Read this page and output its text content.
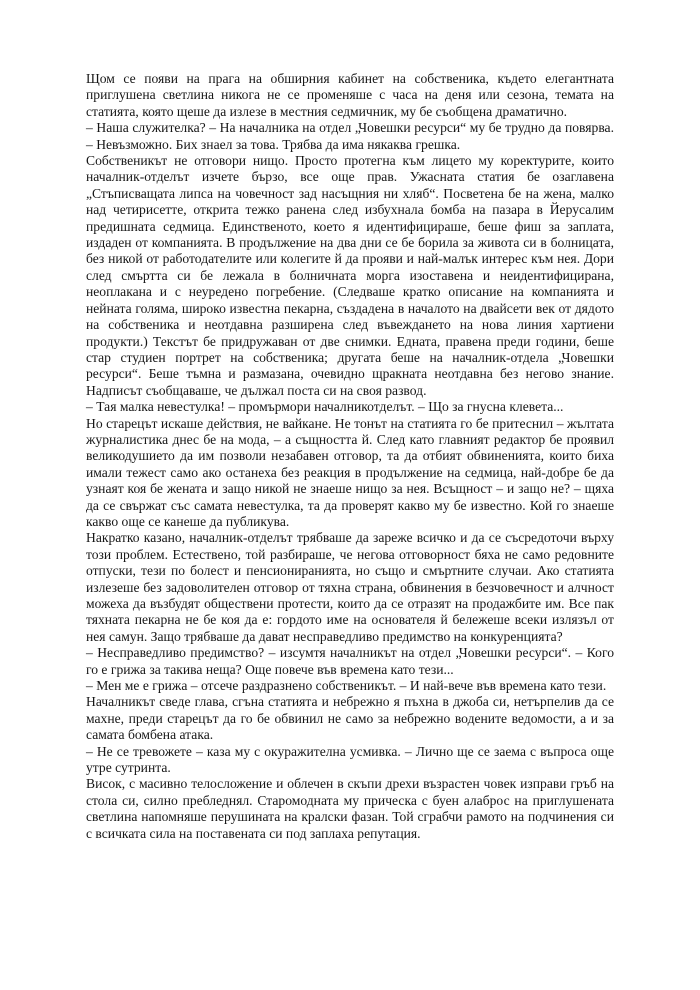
Щом се появи на прага на обширния кабинет на собственика, където елегантната приглушена светлина никога не се променяше с часа на деня или сезона, темата на статията, която щеше да излезе в местния седмичник, му бе съобщена драматично.

– Наша служителка? – На началника на отдел „Човешки ресурси“ му бе трудно да повярва. – Невъзможно. Бих знаел за това. Трябва да има някаква грешка.

Собственикът не отговори нищо. Просто протегна към лицето му коректурите, които началник-отделът изчете бързо, все още прав. Ужасната статия бе озаглавена „Стъписващата липса на човечност зад насъщния ни хляб“. Посветена бе на жена, малко над четирисетте, открита тежко ранена след избухнала бомба на пазара в Йерусалим предишната седмица. Единственото, което я идентифицираше, беше фиш за заплата, издаден от компанията. В продължение на два дни се бе борила за живота си в болницата, без никой от работодателите или колегите й да прояви и най-малък интерес към нея. Дори след смъртта си бе лежала в болничната морга изоставена и неидентифицирана, неоплакана и с неуредено погребение. (Следваше кратко описание на компанията и нейната голяма, широко известна пекарна, създадена в началото на двайсети век от дядото на собственика и неотдавна разширена след въвеждането на нова линия хартиени продукти.) Текстът бе придружаван от две снимки. Едната, правена преди години, беше стар студиен портрет на собственика; другата беше на началник-отдела „Човешки ресурси“. Беше тъмна и размазана, очевидно щракната неотдавна без негово знание. Надписът съобщаваше, че дължал поста си на своя развод.

– Тая малка невестулка! – промърмори началникотделът. – Що за гнусна клевета...

Но старецът искаше действия, не вайкане. Не тонът на статията го бе притеснил – жълтата журналистика днес бе на мода, – а същността й. След като главният редактор бе проявил великодушието да им позволи незабавен отговор, та да отбият обвиненията, които биха имали тежест само ако останеха без реакция в продължение на седмица, най-добре бе да узнаят коя бе жената и защо никой не знаеше нищо за нея. Всъщност – и защо не? – щяха да се свържат със самата невестулка, та да проверят какво му бе известно. Кой го знаеше какво още се канеше да публикува.

Накратко казано, началник-отделът трябваше да зареже всичко и да се съсредоточи върху този проблем. Естествено, той разбираше, че негова отговорност бяха не само редовните отпуски, тези по болест и пенсиониранията, но също и смъртните случаи. Ако статията излезеше без задоволителен отговор от тяхна страна, обвинения в безчовечност и алчност можеха да възбудят обществени протести, които да се отразят на продажбите им. Все пак тяхната пекарна не бе коя да е: гордото име на основателя й бележеше всеки излязъл от нея самун. Защо трябваше да дават несправедливо предимство на конкуренцията?

– Несправедливо предимство? – изсумтя началникът на отдел „Човешки ресурси“. – Кого го е грижа за такива неща? Още повече във времена като тези...

– Мен ме е грижа – отсече раздразнено собственикът. – И най-вече във времена като тези.

Началникът сведе глава, сгъна статията и небрежно я пъхна в джоба си, нетърпелив да се махне, преди старецът да го бе обвинил не само за небрежно водените ведомости, а и за самата бомбена атака.

– Не се тревожете – каза му с окуражителна усмивка. – Лично ще се заема с въпроса още утре сутринта.

Висок, с масивно телосложение и облечен в скъпи дрехи възрастен човек изправи гръб на стола си, силно пребледнял. Старомодната му прическа с буен алаброс на приглушената светлина напомняше перушината на кралски фазан. Той сграбчи рамото на подчинения си с всичката сила на поставената си под заплаха репутация.
